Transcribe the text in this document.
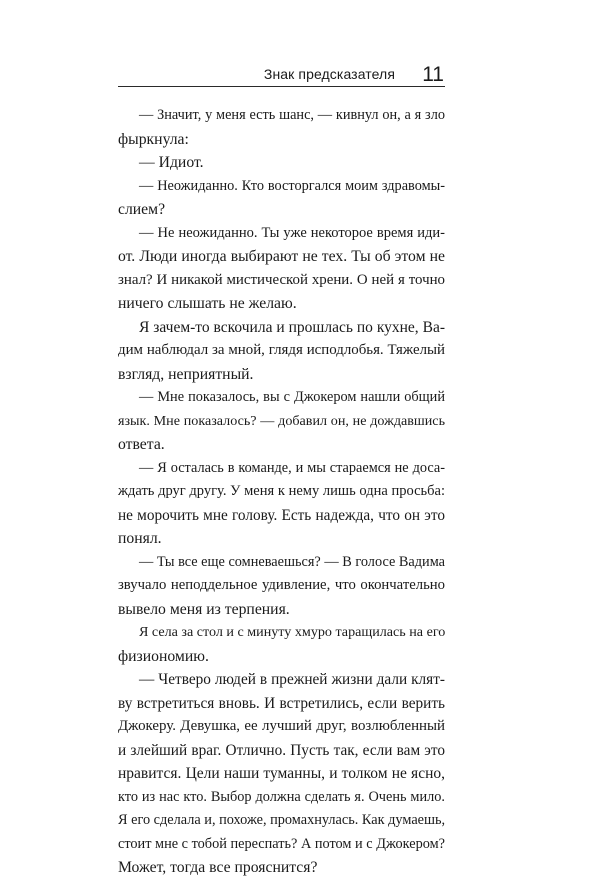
Знак предсказателя 11
— Значит, у меня есть шанс, — кивнул он, а я зло
фыркнула:
— Идиот.
— Неожиданно. Кто восторгался моим здравомы-
слием?
— Не неожиданно. Ты уже некоторое время иди-
от. Люди иногда выбирают не тех. Ты об этом не
знал? И никакой мистической хрени. О ней я точно
ничего слышать не желаю.
Я зачем-то вскочила и прошлась по кухне, Ва-
дим наблюдал за мной, глядя исподлобья. Тяжелый
взгляд, неприятный.
— Мне показалось, вы с Джокером нашли общий
язык. Мне показалось? — добавил он, не дождавшись
ответа.
— Я осталась в команде, и мы стараемся не доса-
ждать друг другу. У меня к нему лишь одна просьба:
не морочить мне голову. Есть надежда, что он это
понял.
— Ты все еще сомневаешься? — В голосе Вадима
звучало неподдельное удивление, что окончательно
вывело меня из терпения.
Я села за стол и с минуту хмуро таращилась на его
физиономию.
— Четверо людей в прежней жизни дали клят-
ву встретиться вновь. И встретились, если верить
Джокеру. Девушка, ее лучший друг, возлюбленный
и злейший враг. Отлично. Пусть так, если вам это
нравится. Цели наши туманны, и толком не ясно,
кто из нас кто. Выбор должна сделать я. Очень мило.
Я его сделала и, похоже, промахнулась. Как думаешь,
стоит мне с тобой переспать? А потом и с Джокером?
Может, тогда все прояснится?
